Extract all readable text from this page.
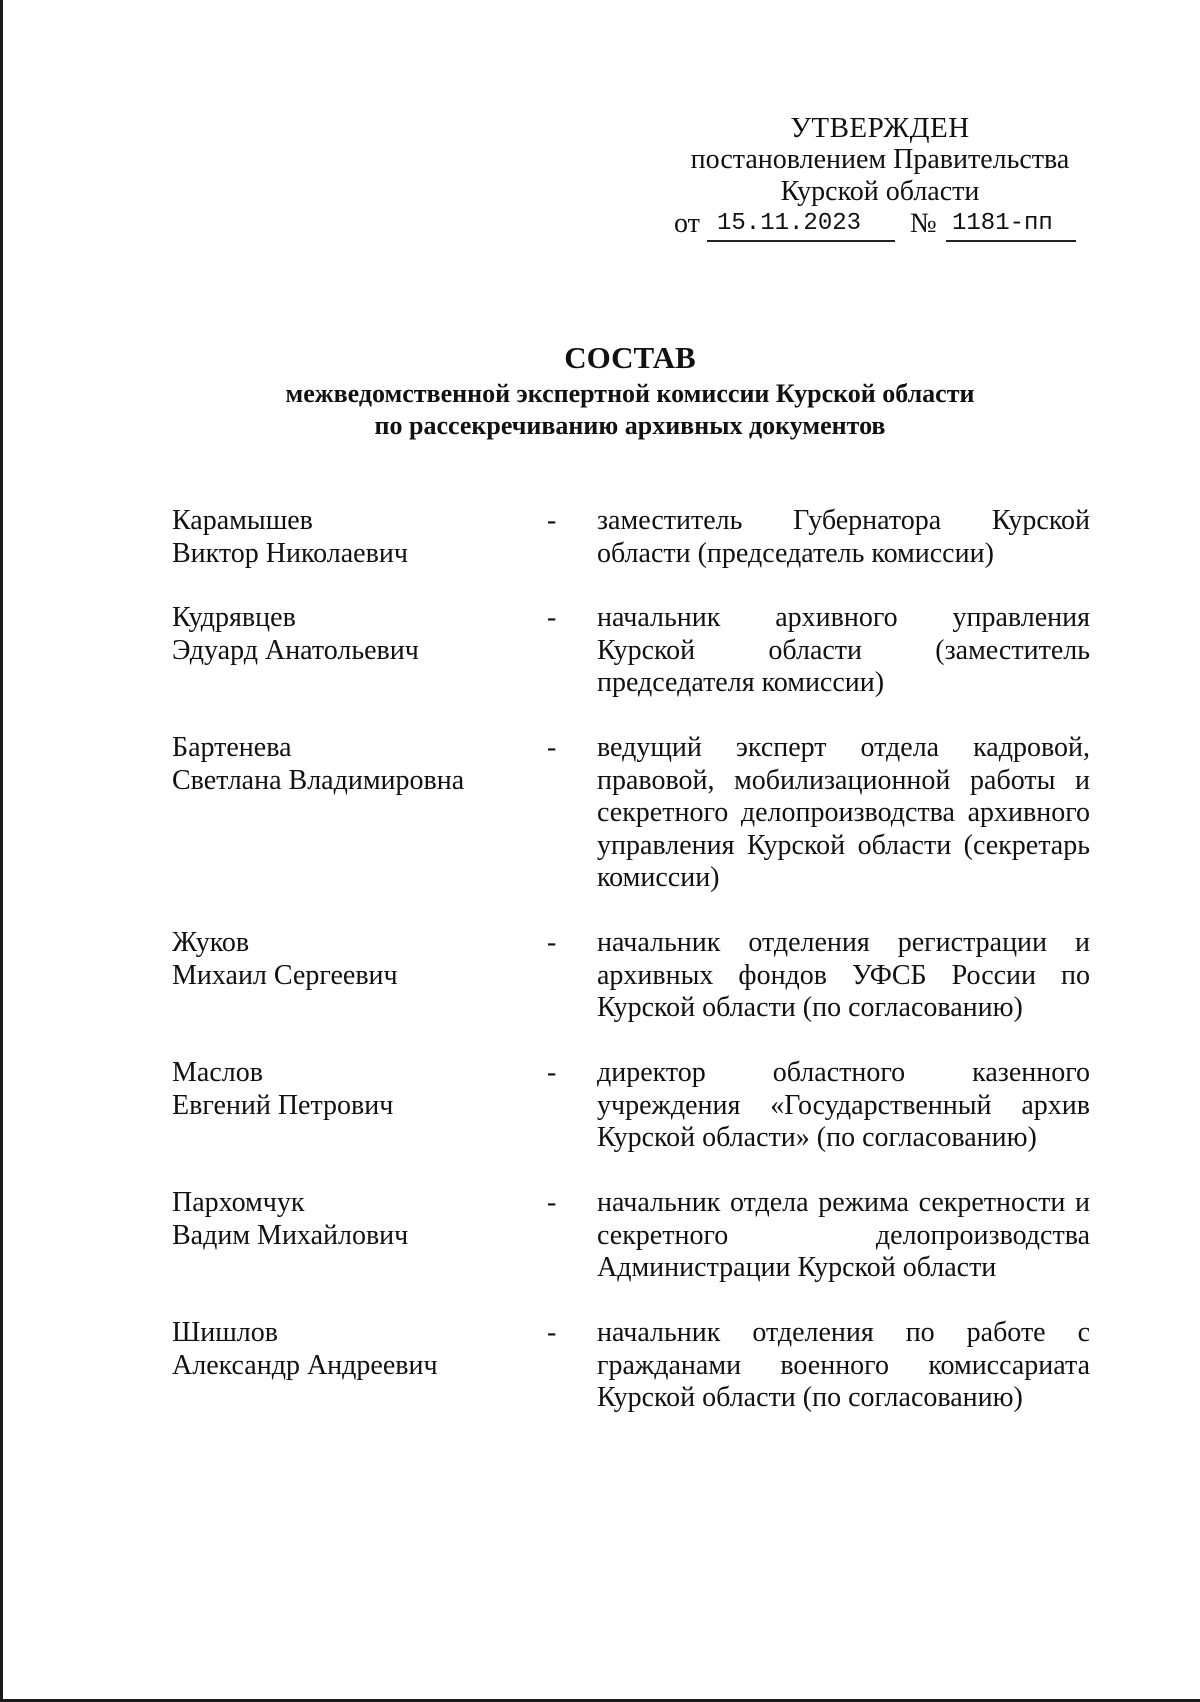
УТВЕРЖДЕН
постановлением Правительства
Курской области
от 15.11.2023	№ 1181-пп
СОСТАВ
межведомственной экспертной комиссии Курской области
по рассекречиванию архивных документов
Карамышев
Виктор Николаевич
- заместитель Губернатора Курской области (председатель комиссии)
Кудрявцев
Эдуард Анатольевич
- начальник архивного управления Курской области (заместитель председателя комиссии)
Бартенева
Светлана Владимировна
- ведущий эксперт отдела кадровой, правовой, мобилизационной работы и секретного делопроизводства архивного управления Курской области (секретарь комиссии)
Жуков
Михаил Сергеевич
- начальник отделения регистрации и архивных фондов УФСБ России по Курской области (по согласованию)
Маслов
Евгений Петрович
- директор областного казенного учреждения «Государственный архив Курской области» (по согласованию)
Пархомчук
Вадим Михайлович
- начальник отдела режима секретности и секретного делопроизводства Администрации Курской области
Шишлов
Александр Андреевич
- начальник отделения по работе с гражданами военного комиссариата Курской области (по согласованию)
